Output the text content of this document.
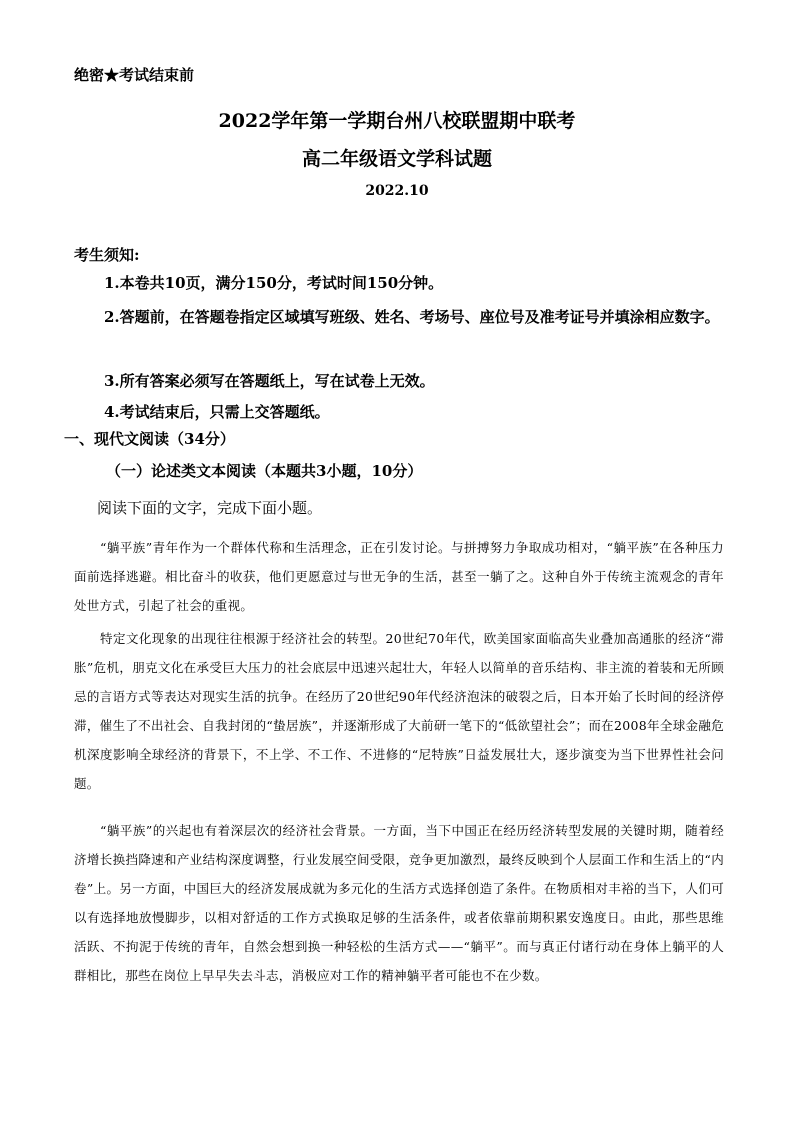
绝密★考试结束前
2022学年第一学期台州八校联盟期中联考
高二年级语文学科试题
2022.10
考生须知:
1.本卷共10页，满分150分，考试时间150分钟。
2.答题前，在答题卷指定区域填写班级、姓名、考场号、座位号及准考证号并填涂相应数字。
3.所有答案必须写在答题纸上，写在试卷上无效。
4.考试结束后，只需上交答题纸。
一、现代文阅读（34分）
（一）论述类文本阅读（本题共3小题，10分）
阅读下面的文字，完成下面小题。
“躺平族”青年作为一个群体代称和生活理念，正在引发讨论。与拼搏努力争取成功相对，“躺平族”在各种压力面前选择逃避。相比奋斗的收获，他们更愿意过与世无争的生活，甚至一躺了之。这种自外于传统主流观念的青年处世方式，引起了社会的重视。
特定文化现象的出现往往根源于经济社会的转型。20世纪70年代，欧美国家面临高失业叠加高通胀的经济“滞胀”危机，朋克文化在承受巨大压力的社会底层中迅速兴起壮大，年轻人以简单的音乐结构、非主流的着装和无所顾忌的言语方式等表达对现实生活的抗争。在经历了20世纪90年代经济泡沫的破裂之后，日本开始了长时间的经济停滞，催生了不出社会、自我封闭的“蛰居族”，并逐渐形成了大前研一笔下的“低欲望社会”；而在2008年全球金融危机深度影响全球经济的背景下，不上学、不工作、不进修的“尼特族”日益发展壮大，逐步演变为当下世界性社会问题。
“躺平族”的兴起也有着深层次的经济社会背景。一方面，当下中国正在经历经济转型发展的关键时期，随着经济增长换挡降速和产业结构深度调整，行业发展空间受限，竞争更加激烈，最终反映到个人层面工作和生活上的“内卷”上。另一方面，中国巨大的经济发展成就为多元化的生活方式选择创造了条件。在物质相对丰裕的当下，人们可以有选择地放慢脚步，以相对舒适的工作方式换取足够的生活条件，或者依靠前期积累安逸度日。由此，那些思维活跃、不拘泥于传统的青年，自然会想到换一种轻松的生活方式——“躺平”。而与真正付诸行动在身体上躺平的人群相比，那些在岗位上早早失去斗志，消极应对工作的精神躺平者可能也不在少数。
